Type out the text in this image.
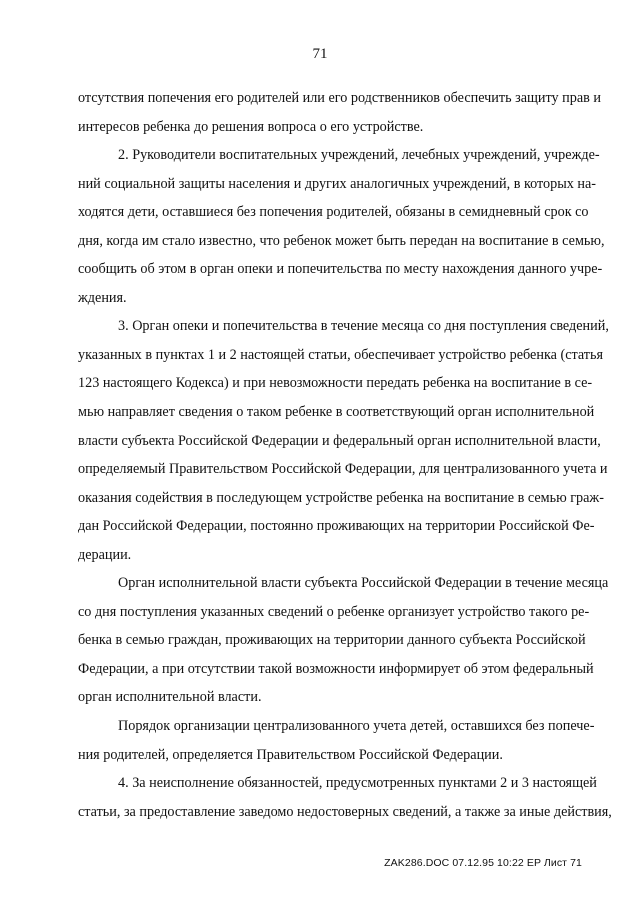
71
отсутствия попечения его родителей или его родственников обеспечить защиту прав и
интересов ребенка до решения вопроса о его устройстве.
2. Руководители воспитательных учреждений, лечебных учреждений, учрежде-
ний социальной защиты населения и других аналогичных учреждений, в которых на-
ходятся дети, оставшиеся без попечения родителей, обязаны в семидневный срок со
дня, когда им стало известно, что ребенок может быть передан на воспитание в семью,
сообщить об этом в орган опеки и попечительства по месту нахождения данного учре-
ждения.
3. Орган опеки и попечительства в течение месяца со дня поступления сведений,
указанных в пунктах 1 и 2 настоящей статьи, обеспечивает устройство ребенка (статья
123 настоящего Кодекса) и при невозможности передать ребенка на воспитание в се-
мью направляет сведения о таком ребенке в соответствующий орган исполнительной
власти субъекта Российской Федерации и федеральный орган исполнительной власти,
определяемый Правительством Российской Федерации, для централизованного учета и
оказания содействия в последующем устройстве ребенка на воспитание в семью граж-
дан Российской Федерации, постоянно проживающих на территории Российской Фе-
дерации.
Орган исполнительной власти субъекта Российской Федерации в течение месяца
со дня поступления указанных сведений о ребенке организует устройство такого ре-
бенка в семью граждан, проживающих на территории данного субъекта Российской
Федерации, а при отсутствии такой возможности информирует об этом федеральный
орган исполнительной власти.
Порядок организации централизованного учета детей, оставшихся без попече-
ния родителей, определяется Правительством Российской Федерации.
4. За неисполнение обязанностей, предусмотренных пунктами 2 и 3 настоящей
статьи, за предоставление заведомо недостоверных сведений, а также за иные действия,
ZAK286.DOC 07.12.95 10:22 EP Лист 71
